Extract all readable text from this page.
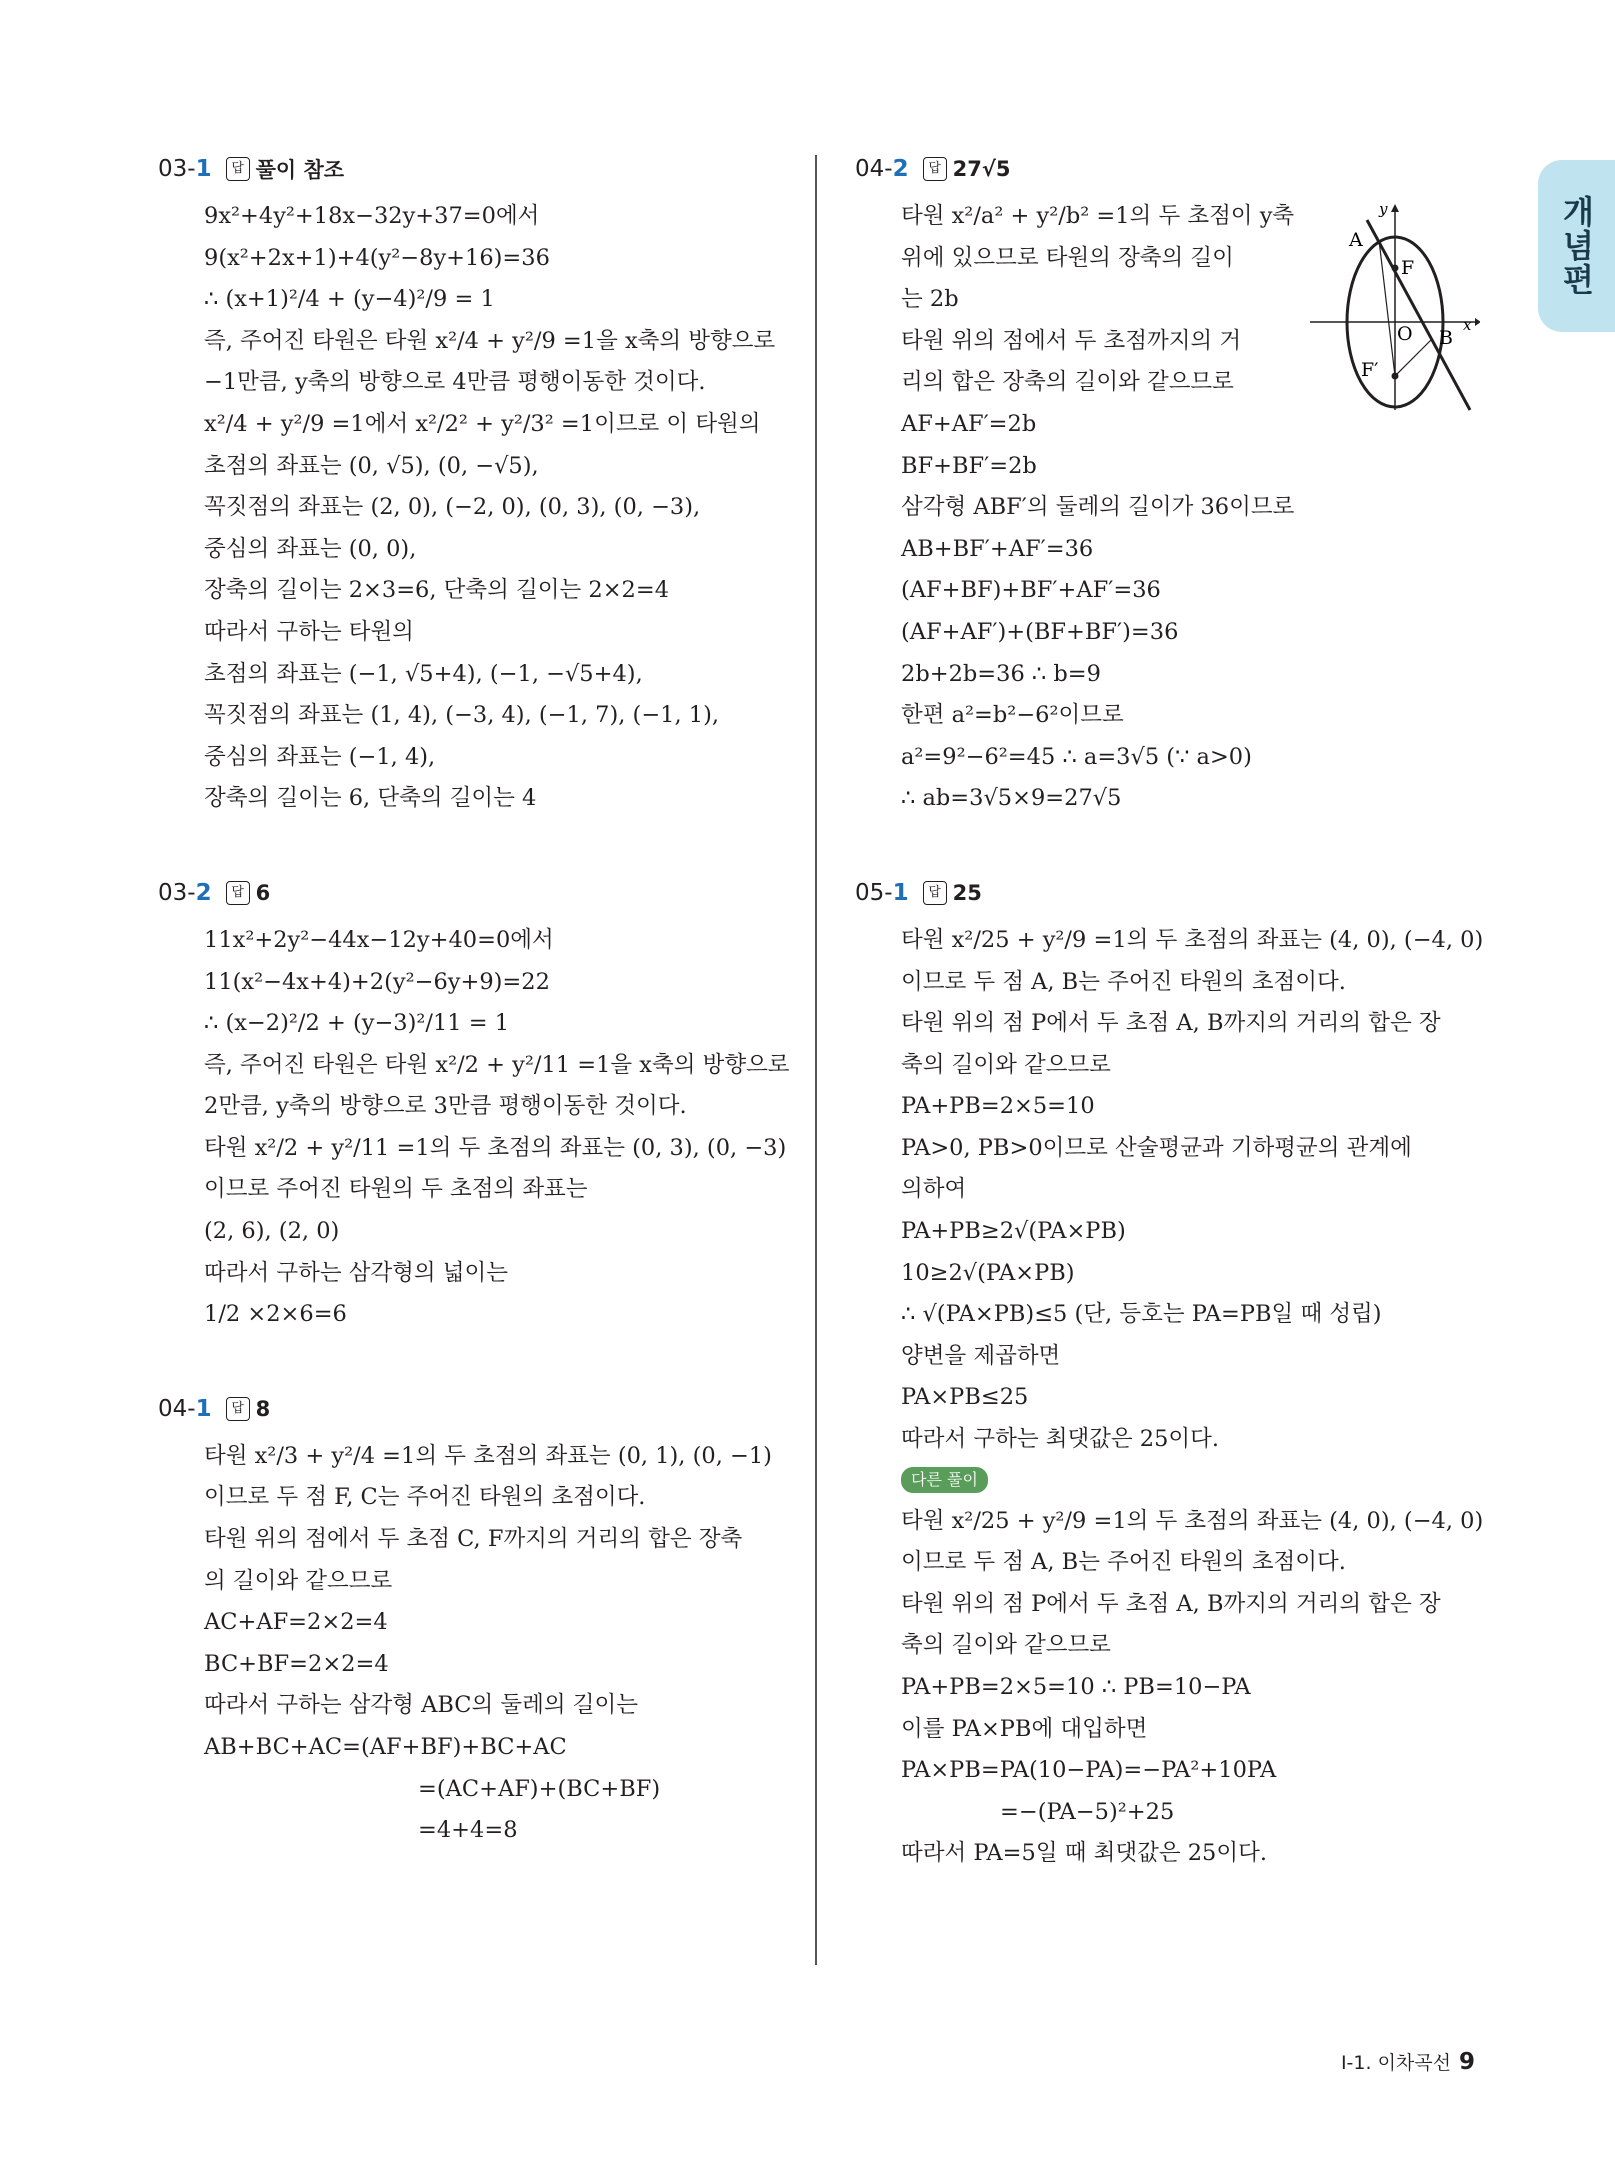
개념편
03- 1	답 풀이 참조
9x²+4y²+18x−32y+37=0에서
9(x²+2x+1)+4(y²−8y+16)=36
∴ (x+1)²/4 + (y−4)²/9 = 1
즉, 주어진 타원은 타원 x²/4 + y²/9 =1을 x축의 방향으로
−1만큼, y축의 방향으로 4만큼 평행이동한 것이다.
x²/4 + y²/9 =1에서 x²/2² + y²/3² =1이므로 이 타원의
초점의 좌표는 (0, √5), (0, −√5),
꼭짓점의 좌표는 (2, 0), (−2, 0), (0, 3), (0, −3),
중심의 좌표는 (0, 0),
장축의 길이는 2×3=6, 단축의 길이는 2×2=4
따라서 구하는 타원의
초점의 좌표는 (−1, √5+4), (−1, −√5+4),
꼭짓점의 좌표는 (1, 4), (−3, 4), (−1, 7), (−1, 1),
중심의 좌표는 (−1, 4),
장축의 길이는 6, 단축의 길이는 4
03- 2	답 6
11x²+2y²−44x−12y+40=0에서
11(x²−4x+4)+2(y²−6y+9)=22
∴ (x−2)²/2 + (y−3)²/11 = 1
즉, 주어진 타원은 타원 x²/2 + y²/11 =1을 x축의 방향으로
2만큼, y축의 방향으로 3만큼 평행이동한 것이다.
타원 x²/2 + y²/11 =1의 두 초점의 좌표는 (0, 3), (0, −3)
이므로 주어진 타원의 두 초점의 좌표는
(2, 6), (2, 0)
따라서 구하는 삼각형의 넓이는
1/2 ×2×6=6
04- 1	답 8
타원 x²/3 + y²/4 =1의 두 초점의 좌표는 (0, 1), (0, −1)
이므로 두 점 F, C는 주어진 타원의 초점이다.
타원 위의 점에서 두 초점 C, F까지의 거리의 합은 장축
의 길이와 같으므로
AC+AF=2×2=4
BC+BF=2×2=4
따라서 구하는 삼각형 ABC의 둘레의 길이는
AB+BC+AC=(AF+BF)+BC+AC
=(AC+AF)+(BC+BF)
=4+4=8
04- 2	답 27√5
타원 x²/a² + y²/b² =1의 두 초점이 y축
위에 있으므로 타원의 장축의 길이
는 2b
타원 위의 점에서 두 초점까지의 거
리의 합은 장축의 길이와 같으므로
AF+AF′=2b
BF+BF′=2b
삼각형 ABF′의 둘레의 길이가 36이므로
AB+BF′+AF′=36
(AF+BF)+BF′+AF′=36
(AF+AF′)+(BF+BF′)=36
2b+2b=36 ∴ b=9
한편 a²=b²−6²이므로
a²=9²−6²=45 ∴ a=3√5 (∵ a>0)
∴ ab=3√5×9=27√5
05- 1	답 25
타원 x²/25 + y²/9 =1의 두 초점의 좌표는 (4, 0), (−4, 0)
이므로 두 점 A, B는 주어진 타원의 초점이다.
타원 위의 점 P에서 두 초점 A, B까지의 거리의 합은 장
축의 길이와 같으므로
PA+PB=2×5=10
PA>0, PB>0이므로 산술평균과 기하평균의 관계에
의하여
PA+PB≥2√(PA×PB)
10≥2√(PA×PB)
∴ √(PA×PB)≤5 (단, 등호는 PA=PB일 때 성립)
양변을 제곱하면
PA×PB≤25
따라서 구하는 최댓값은 25이다.
다른 풀이
타원 x²/25 + y²/9 =1의 두 초점의 좌표는 (4, 0), (−4, 0)
이므로 두 점 A, B는 주어진 타원의 초점이다.
타원 위의 점 P에서 두 초점 A, B까지의 거리의 합은 장
축의 길이와 같으므로
PA+PB=2×5=10 ∴ PB=10−PA
이를 PA×PB에 대입하면
PA×PB=PA(10−PA)=−PA²+10PA
=−(PA−5)²+25
따라서 PA=5일 때 최댓값은 25이다.
y
x
A
F
O B
F′
Ⅰ-1. 이차곡선 9
